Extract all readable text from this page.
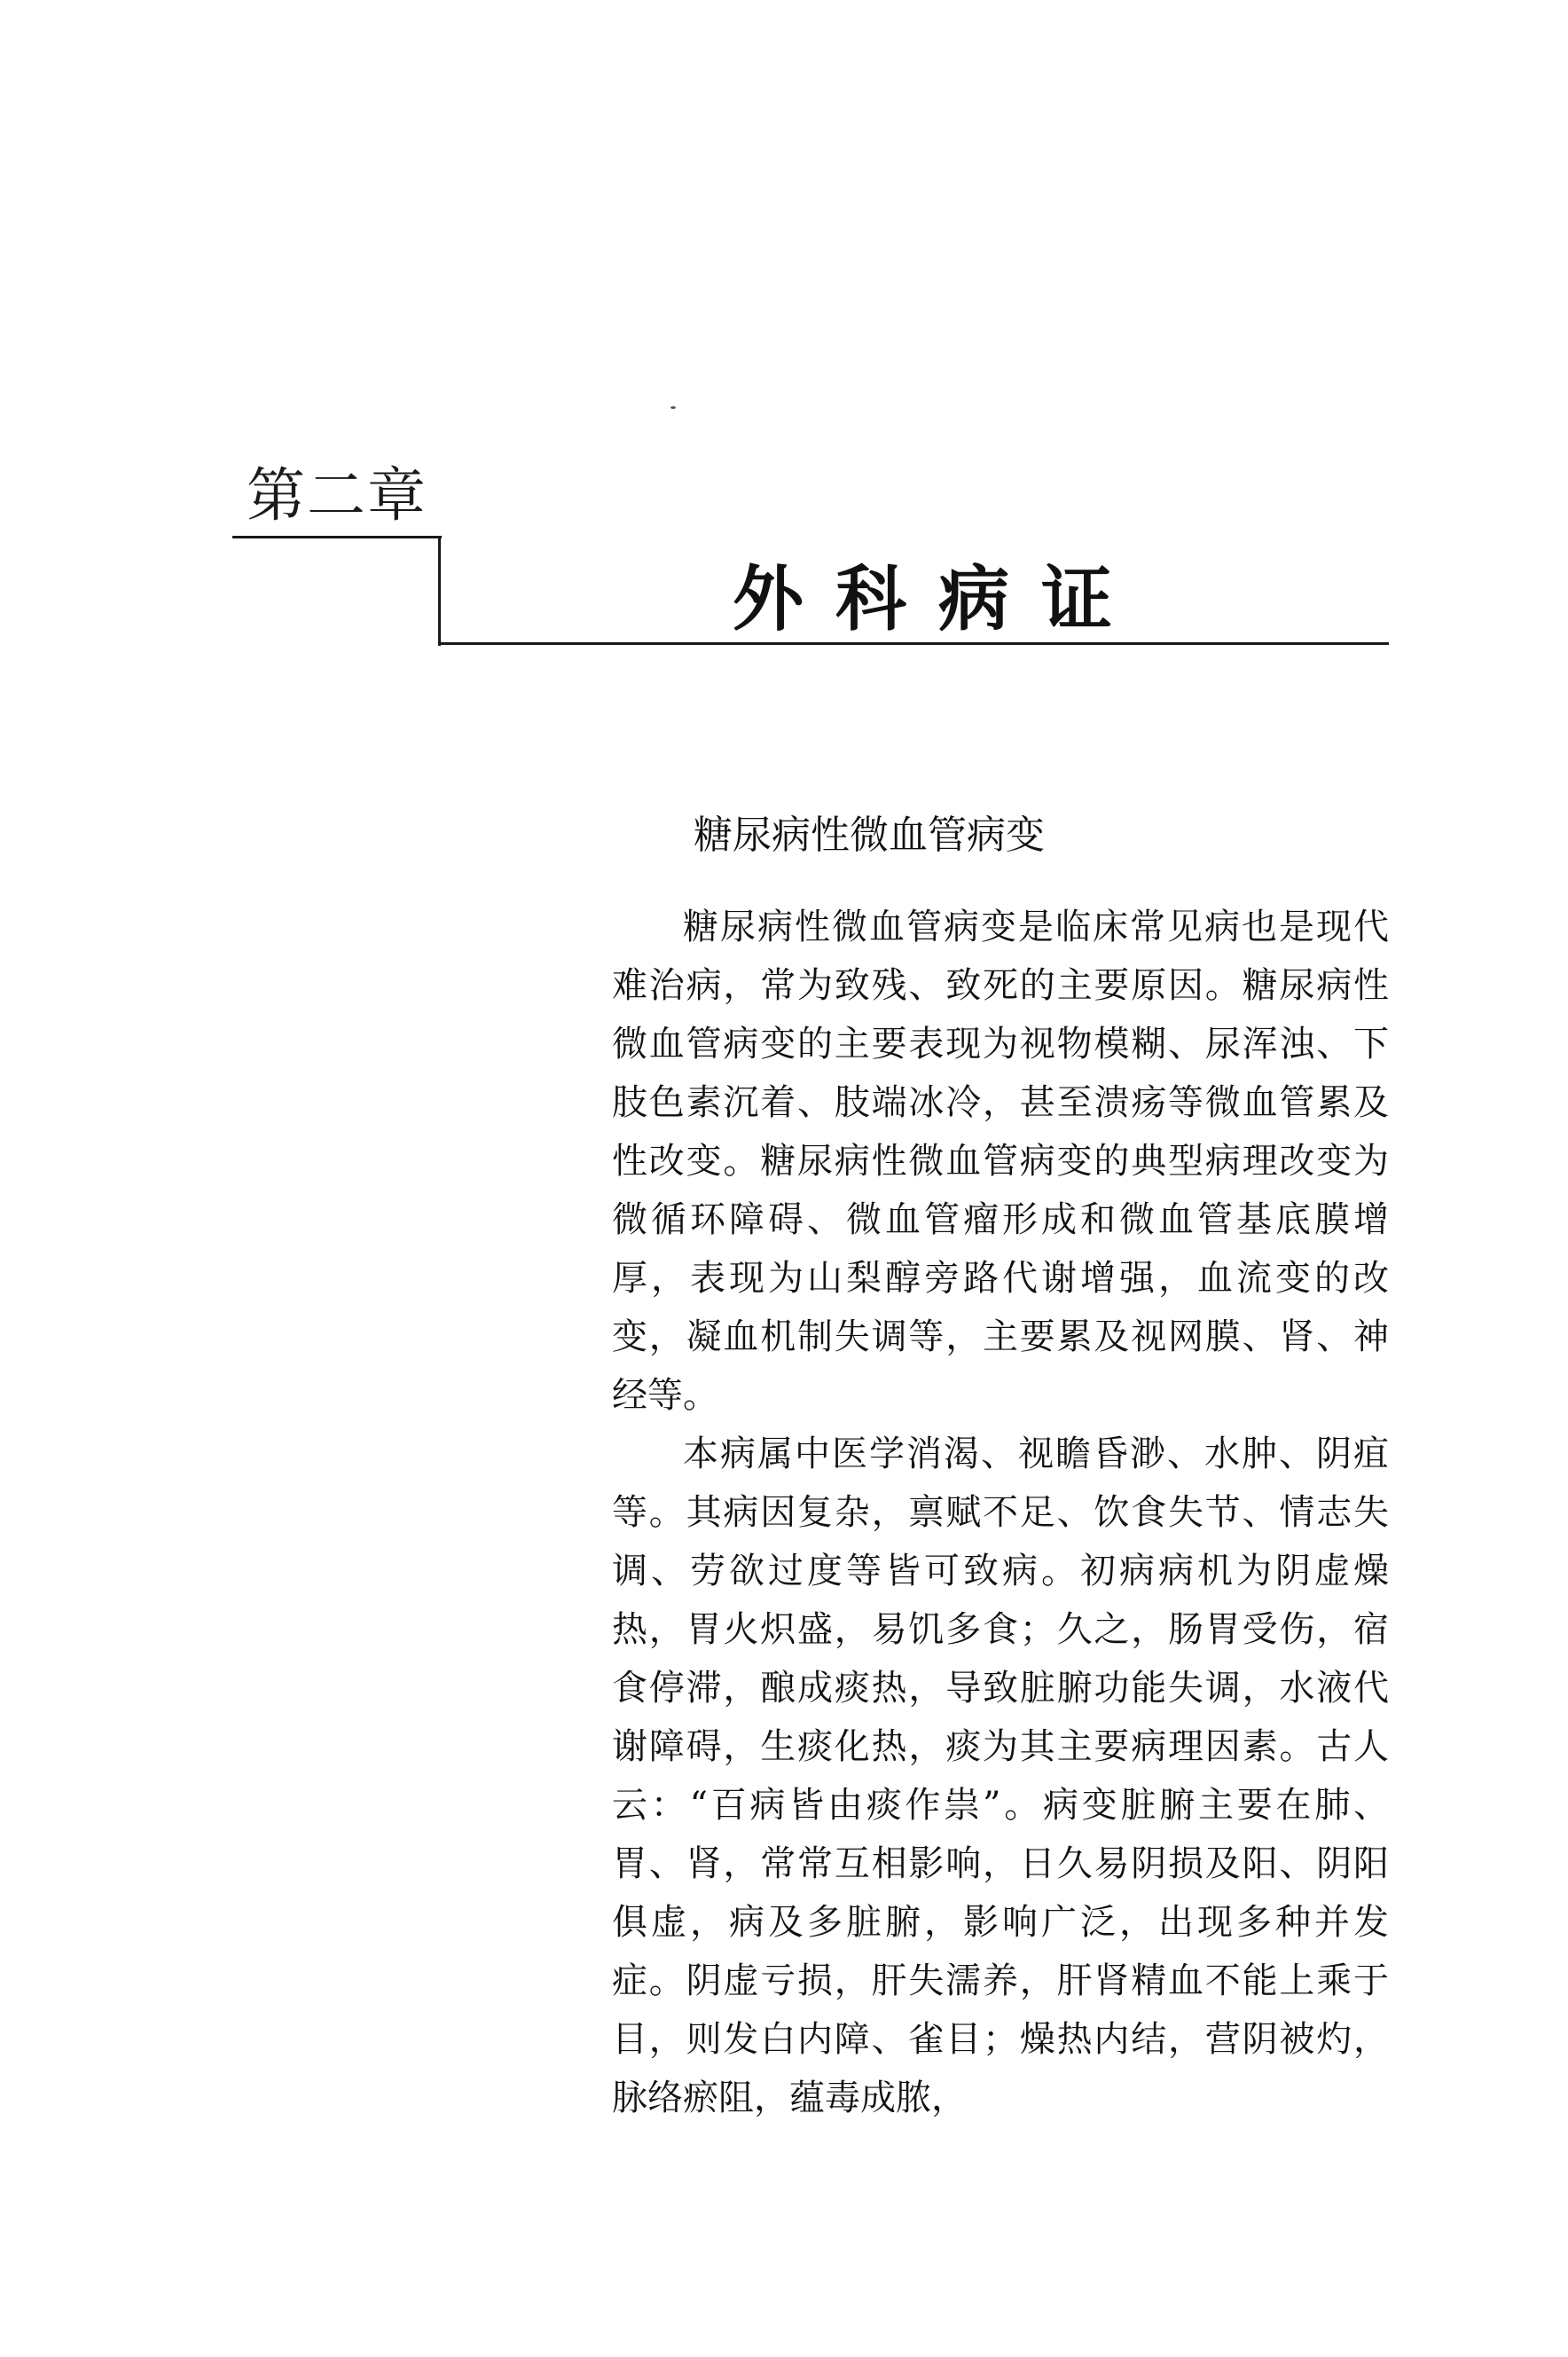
第二章
外科病证
糖尿病性微血管病变

糖尿病性微血管病变是临床常见病也是现代难治病，常为致残、致死的主要原因。糖尿病性微血管病变的主要表现为视物模糊、尿浑浊、下肢色素沉着、肢端冰冷，甚至溃疡等微血管累及性改变。糖尿病性微血管病变的典型病理改变为微循环障碍、微血管瘤形成和微血管基底膜增厚，表现为山梨醇旁路代谢增强，血流变的改变，凝血机制失调等，主要累及视网膜、肾、神经等。

本病属中医学消渴、视瞻昏渺、水肿、阴疽等。其病因复杂，禀赋不足、饮食失节、情志失调、劳欲过度等皆可致病。初病病机为阴虚燥热，胃火炽盛，易饥多食；久之，肠胃受伤，宿食停滞，酿成痰热，导致脏腑功能失调，水液代谢障碍，生痰化热，痰为其主要病理因素。古人云：“百病皆由痰作祟”。病变脏腑主要在肺、胃、肾，常常互相影响，日久易阴损及阳、阴阳俱虚，病及多脏腑，影响广泛，出现多种并发症。阴虚亏损，肝失濡养，肝肾精血不能上乘于目，则发白内障、雀目；燥热内结，营阴被灼，脉络瘀阻，蕴毒成脓，
